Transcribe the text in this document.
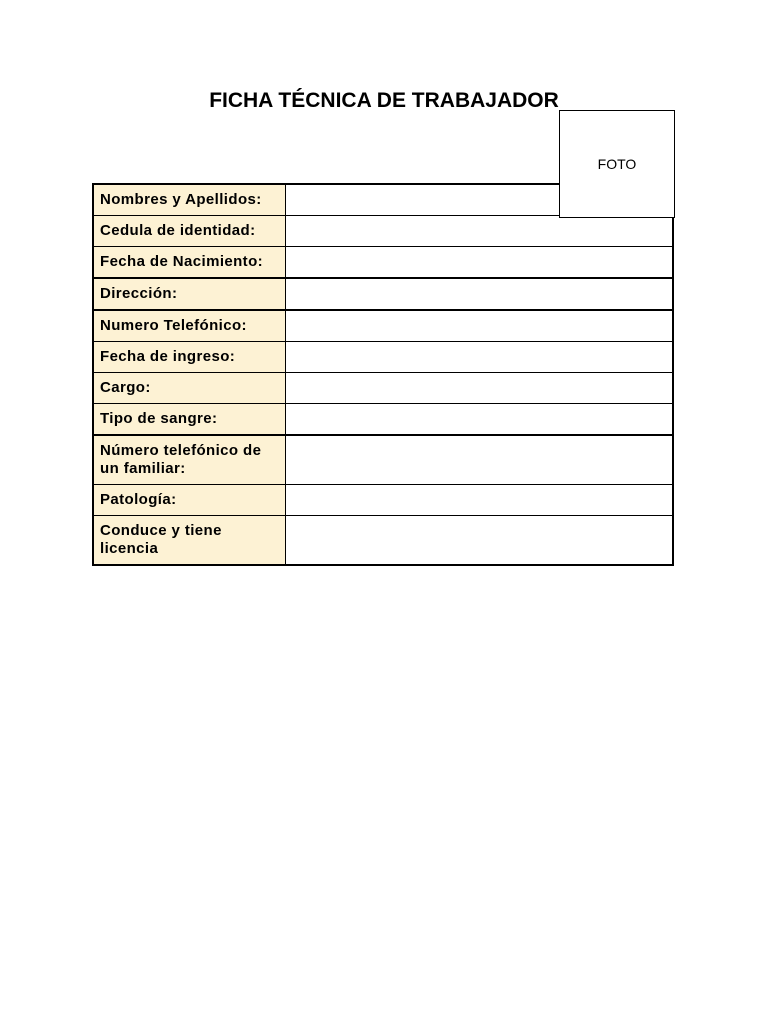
FICHA TÉCNICA DE TRABAJADOR
FOTO
Nombres y Apellidos:	
Cedula de identidad:	
Fecha de Nacimiento:	
Dirección:	
Numero Telefónico:	
Fecha de ingreso:	
Cargo:	
Tipo de sangre:	
Número telefónico de un familiar:	
Patología:	
Conduce y tiene licencia	
